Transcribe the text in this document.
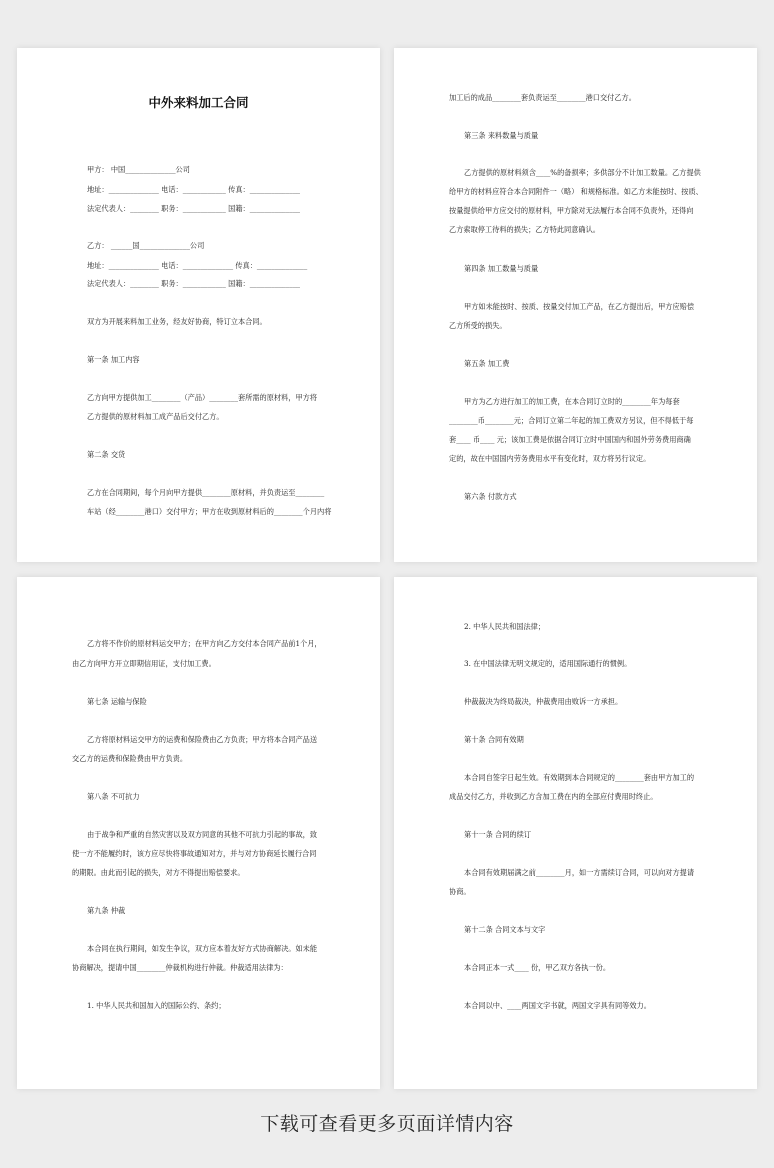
中外来料加工合同
甲方： 中国______________公司
地址：______________ 电话：____________ 传真：______________
法定代表人：________ 职务：____________ 国籍：______________
乙方： ______国______________公司
地址：______________ 电话：______________ 传真：______________
法定代表人：________ 职务：____________ 国籍：______________
双方为开展来料加工业务，经友好协商，特订立本合同。
第一条 加工内容
乙方向甲方提供加工________（产品）________套所需的原材料，甲方将
乙方提供的原材料加工成产品后交付乙方。
第二条 交货
乙方在合同期间，每个月向甲方提供________原材料，并负责运至________
车站（经________港口）交付甲方；甲方在收到原材料后的________个月内将
加工后的成品________套负责运至________港口交付乙方。
第三条 来料数量与质量
乙方提供的原材料须含____%的备损率；多供部分不计加工数量。乙方提供
给甲方的材料应符合本合同附件一（略） 和规格标准。如乙方未能按时、按质、
按量提供给甲方应交付的原材料，甲方除对无法履行本合同不负责外，还得向
乙方索取停工待料的损失；乙方特此同意确认。
第四条 加工数量与质量
甲方如未能按时、按质、按量交付加工产品，在乙方提出后，甲方应赔偿
乙方所受的损失。
第五条 加工费
甲方为乙方进行加工的加工费，在本合同订立时的________年为每套
________币________元；合同订立第二年起的加工费双方另议，但不得低于每
套____ 币____ 元；该加工费是依据合同订立时中国国内和国外劳务费用商确
定的，故在中国国内劳务费用水平有变化时，双方将另行议定。
第六条 付款方式
乙方将不作价的原材料运交甲方；在甲方向乙方交付本合同产品前1个月，
由乙方向甲方开立即期信用证，支付加工费。
第七条 运输与保险
乙方将原材料运交甲方的运费和保险费由乙方负责；甲方将本合同产品送
交乙方的运费和保险费由甲方负责。
第八条 不可抗力
由于战争和严重的自然灾害以及双方同意的其他不可抗力引起的事故，致
使一方不能履约时，该方应尽快将事故通知对方，并与对方协商延长履行合同
的期限。由此而引起的损失，对方不得提出赔偿要求。
第九条 仲裁
本合同在执行期间，如发生争议，双方应本着友好方式协商解决。如未能
协商解决，提请中国________仲裁机构进行仲裁。仲裁适用法律为：
1. 中华人民共和国加入的国际公约、条约；
2. 中华人民共和国法律；
3. 在中国法律无明文规定的，适用国际通行的惯例。
仲裁裁决为终局裁决，仲裁费用由败诉一方承担。
第十条 合同有效期
本合同自签字日起生效。有效期到本合同规定的________套由甲方加工的
成品交付乙方，并收到乙方含加工费在内的全部应付费用时终止。
第十一条 合同的续订
本合同有效期届满之前________月，如一方需续订合同，可以向对方提请
协商。
第十二条 合同文本与文字
本合同正本一式____ 份，甲乙双方各执一份。
本合同以中、____两国文字书就，两国文字具有同等效力。
下载可查看更多页面详情内容
